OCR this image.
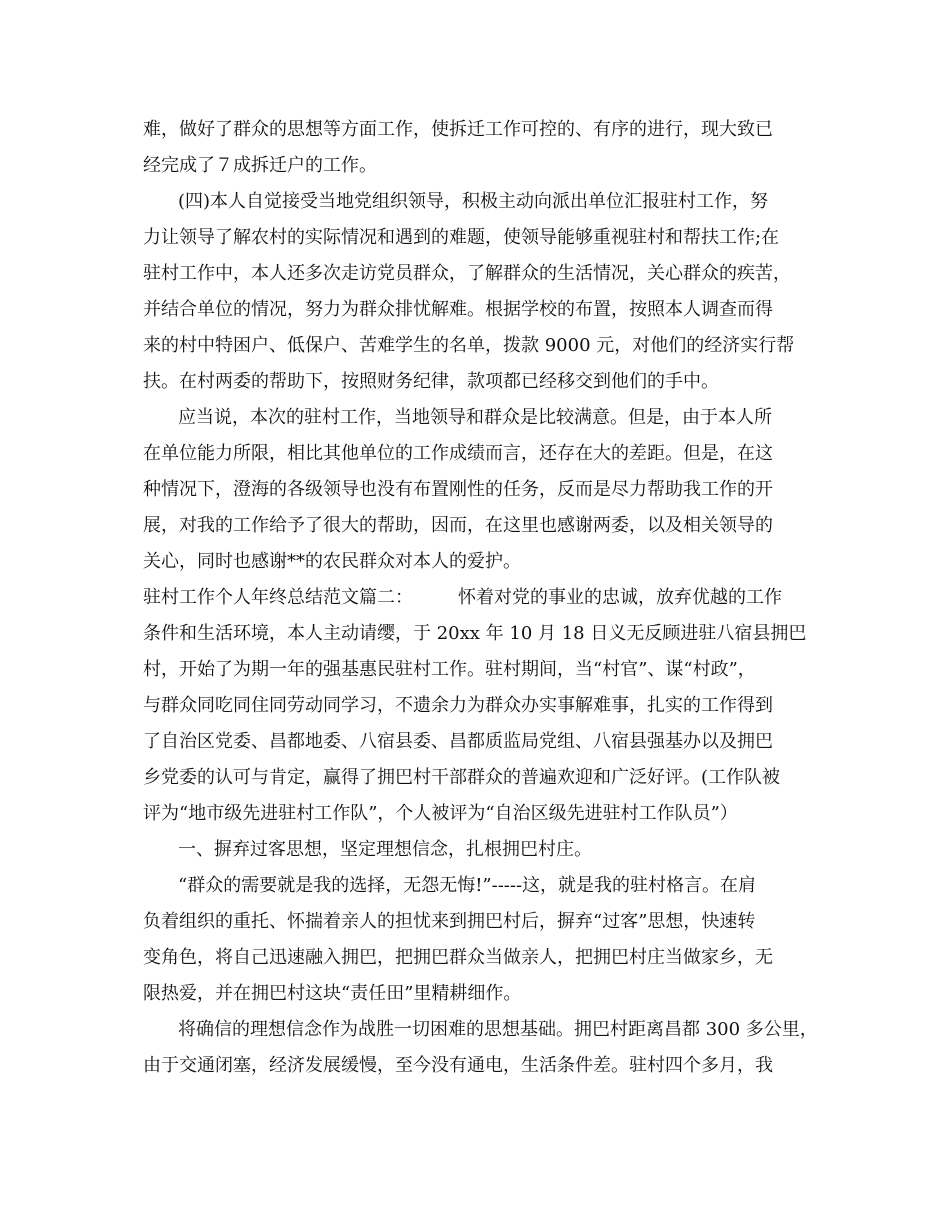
难，做好了群众的思想等方面工作，使拆迁工作可控的、有序的进行，现大致已
经完成了７成拆迁户的工作。
(四)本人自觉接受当地党组织领导，积极主动向派出单位汇报驻村工作，努
力让领导了解农村的实际情况和遇到的难题，使领导能够重视驻村和帮扶工作;在
驻村工作中，本人还多次走访党员群众，了解群众的生活情况，关心群众的疾苦，
并结合单位的情况，努力为群众排忧解难。根据学校的布置，按照本人调查而得
来的村中特困户、低保户、苦难学生的名单，拨款 9000 元，对他们的经济实行帮
扶。在村两委的帮助下，按照财务纪律，款项都已经移交到他们的手中。
应当说，本次的驻村工作，当地领导和群众是比较满意。但是，由于本人所
在单位能力所限，相比其他单位的工作成绩而言，还存在大的差距。但是，在这
种情况下，澄海的各级领导也没有布置刚性的任务，反而是尽力帮助我工作的开
展，对我的工作给予了很大的帮助，因而，在这里也感谢两委，以及相关领导的
关心，同时也感谢**的农民群众对本人的爱护。
驻村工作个人年终总结范文篇二：　　　怀着对党的事业的忠诚，放弃优越的工作
条件和生活环境，本人主动请缨，于 20xx 年 10 月 18 日义无反顾进驻八宿县拥巴
村，开始了为期一年的强基惠民驻村工作。驻村期间，当“村官”、谋“村政”，
与群众同吃同住同劳动同学习，不遗余力为群众办实事解难事，扎实的工作得到
了自治区党委、昌都地委、八宿县委、昌都质监局党组、八宿县强基办以及拥巴
乡党委的认可与肯定，赢得了拥巴村干部群众的普遍欢迎和广泛好评。(工作队被
评为“地市级先进驻村工作队”，个人被评为“自治区级先进驻村工作队员”）
一、摒弃过客思想，坚定理想信念，扎根拥巴村庄。
“群众的需要就是我的选择，无怨无悔!”-----这，就是我的驻村格言。在肩
负着组织的重托、怀揣着亲人的担忧来到拥巴村后，摒弃“过客”思想，快速转
变角色，将自己迅速融入拥巴，把拥巴群众当做亲人，把拥巴村庄当做家乡，无
限热爱，并在拥巴村这块“责任田”里精耕细作。
将确信的理想信念作为战胜一切困难的思想基础。拥巴村距离昌都 300 多公里，
由于交通闭塞，经济发展缓慢，至今没有通电，生活条件差。驻村四个多月，我
